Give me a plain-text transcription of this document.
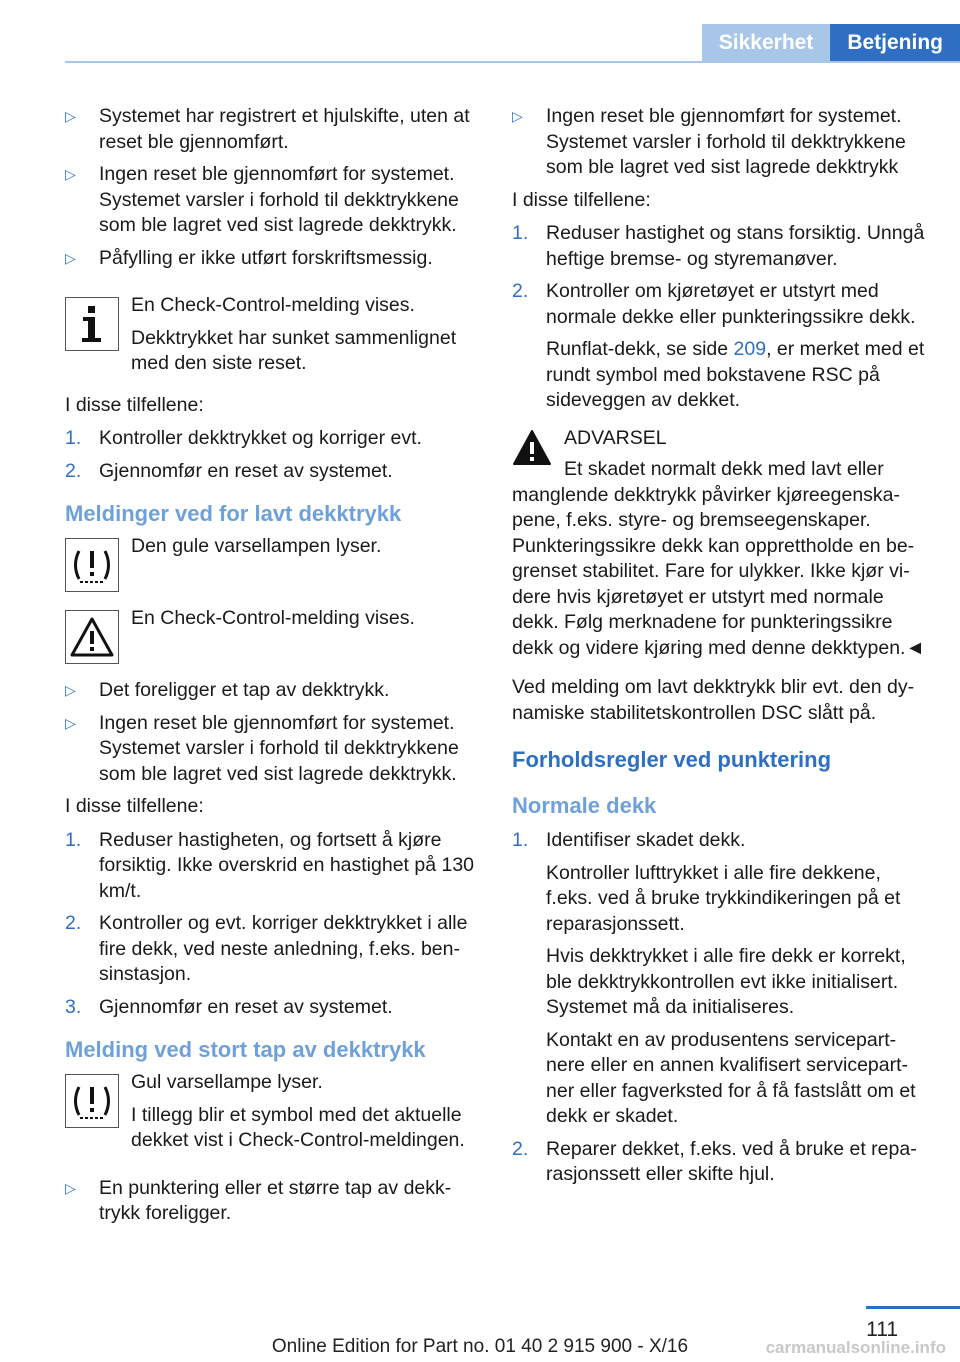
Sikkerhet	Betjening
▷ Systemet har registrert et hjulskifte, uten at reset ble gjennomført.
▷ Ingen reset ble gjennomført for systemet. Systemet varsler i forhold til dekktrykkene som ble lagret ved sist lagrede dekktrykk.
▷ Påfylling er ikke utført forskriftsmessig.
En Check-Control-melding vises.
Dekktrykket har sunket sammenlignet med den siste reset.
I disse tilfellene:
1. Kontroller dekktrykket og korriger evt.
2. Gjennomfør en reset av systemet.
Meldinger ved for lavt dekktrykk
Den gule varsellampen lyser.
En Check-Control-melding vises.
▷ Det foreligger et tap av dekktrykk.
▷ Ingen reset ble gjennomført for systemet. Systemet varsler i forhold til dekktrykkene som ble lagret ved sist lagrede dekktrykk.
I disse tilfellene:
1. Reduser hastigheten, og fortsett å kjøre forsiktig. Ikke overskrid en hastighet på 130 km/t.
2. Kontroller og evt. korriger dekktrykket i alle fire dekk, ved neste anledning, f.eks. bensinstasjon.
3. Gjennomfør en reset av systemet.
Melding ved stort tap av dekktrykk
Gul varsellampe lyser.
I tillegg blir et symbol med det aktuelle dekket vist i Check-Control-meldingen.
▷ En punktering eller et større tap av dekktrykk foreligger.
▷ Ingen reset ble gjennomført for systemet. Systemet varsler i forhold til dekktrykkene som ble lagret ved sist lagrede dekktrykk
I disse tilfellene:
1. Reduser hastighet og stans forsiktig. Unngå heftige bremse- og styremanøver.
2. Kontroller om kjøretøyet er utstyrt med normale dekke eller punkteringssikre dekk.
Runflat-dekk, se side 209, er merket med et rundt symbol med bokstavene RSC på sideveggen av dekket.
ADVARSEL
Et skadet normalt dekk med lavt eller
manglende dekktrykk påvirker kjøreegenskapene, f.eks. styre- og bremseegenskaper. Punkteringssikre dekk kan opprettholde en begrenset stabilitet. Fare for ulykker. Ikke kjør videre hvis kjøretøyet er utstyrt med normale dekk. Følg merknadene for punkteringssikre dekk og videre kjøring med denne dekktypen.◄
Ved melding om lavt dekktrykk blir evt. den dynamiske stabilitetskontrollen DSC slått på.
Forholdsregler ved punktering
Normale dekk
1. Identifiser skadet dekk.
Kontroller lufttrykket i alle fire dekkene, f.eks. ved å bruke trykkindikeringen på et reparasjonssett.
Hvis dekktrykket i alle fire dekk er korrekt, ble dekktrykkontrollen evt ikke initialisert. Systemet må da initialiseres.
Kontakt en av produsentens servicepartnere eller en annen kvalifisert servicepartner eller fagverksted for å få fastslått om et dekk er skadet.
2. Reparer dekket, f.eks. ved å bruke et reparasjonssett eller skifte hjul.
111
Online Edition for Part no. 01 40 2 915 900 - X/16	carmanualsonline.info
